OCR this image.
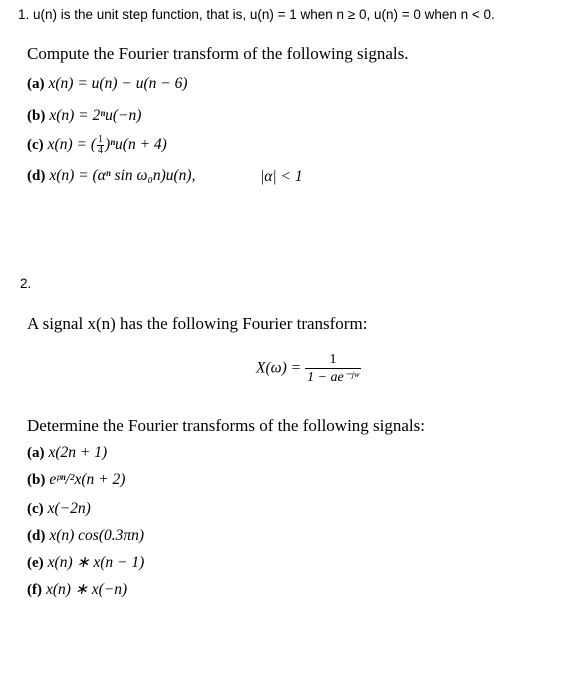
1. u(n) is the unit step function, that is, u(n) = 1 when n ≥ 0, u(n) = 0 when n < 0.
Compute the Fourier transform of the following signals.
(a) x(n) = u(n) − u(n − 6)
(b) x(n) = 2ⁿu(−n)
(c) x(n) = ( $\frac{1}{4} )^nu(n + 4)$
(d) x(n) = (αⁿ sin ω₀n)u(n),	|α| < 1
2.
A signal x(n) has the following Fourier transform:
$X(\omega) = \frac{1}{\text{1 − ae⁻ʲʷ}}$
Determine the Fourier transforms of the following signals:
(a) x(2n + 1)
(b) eᵖⁿ/²x(n + 2)
(c) x(−2n)
(d) x(n) cos(0.3πn)
(e) x(n) ∗ x(n − 1)
(f) x(n) ∗ x(−n)
